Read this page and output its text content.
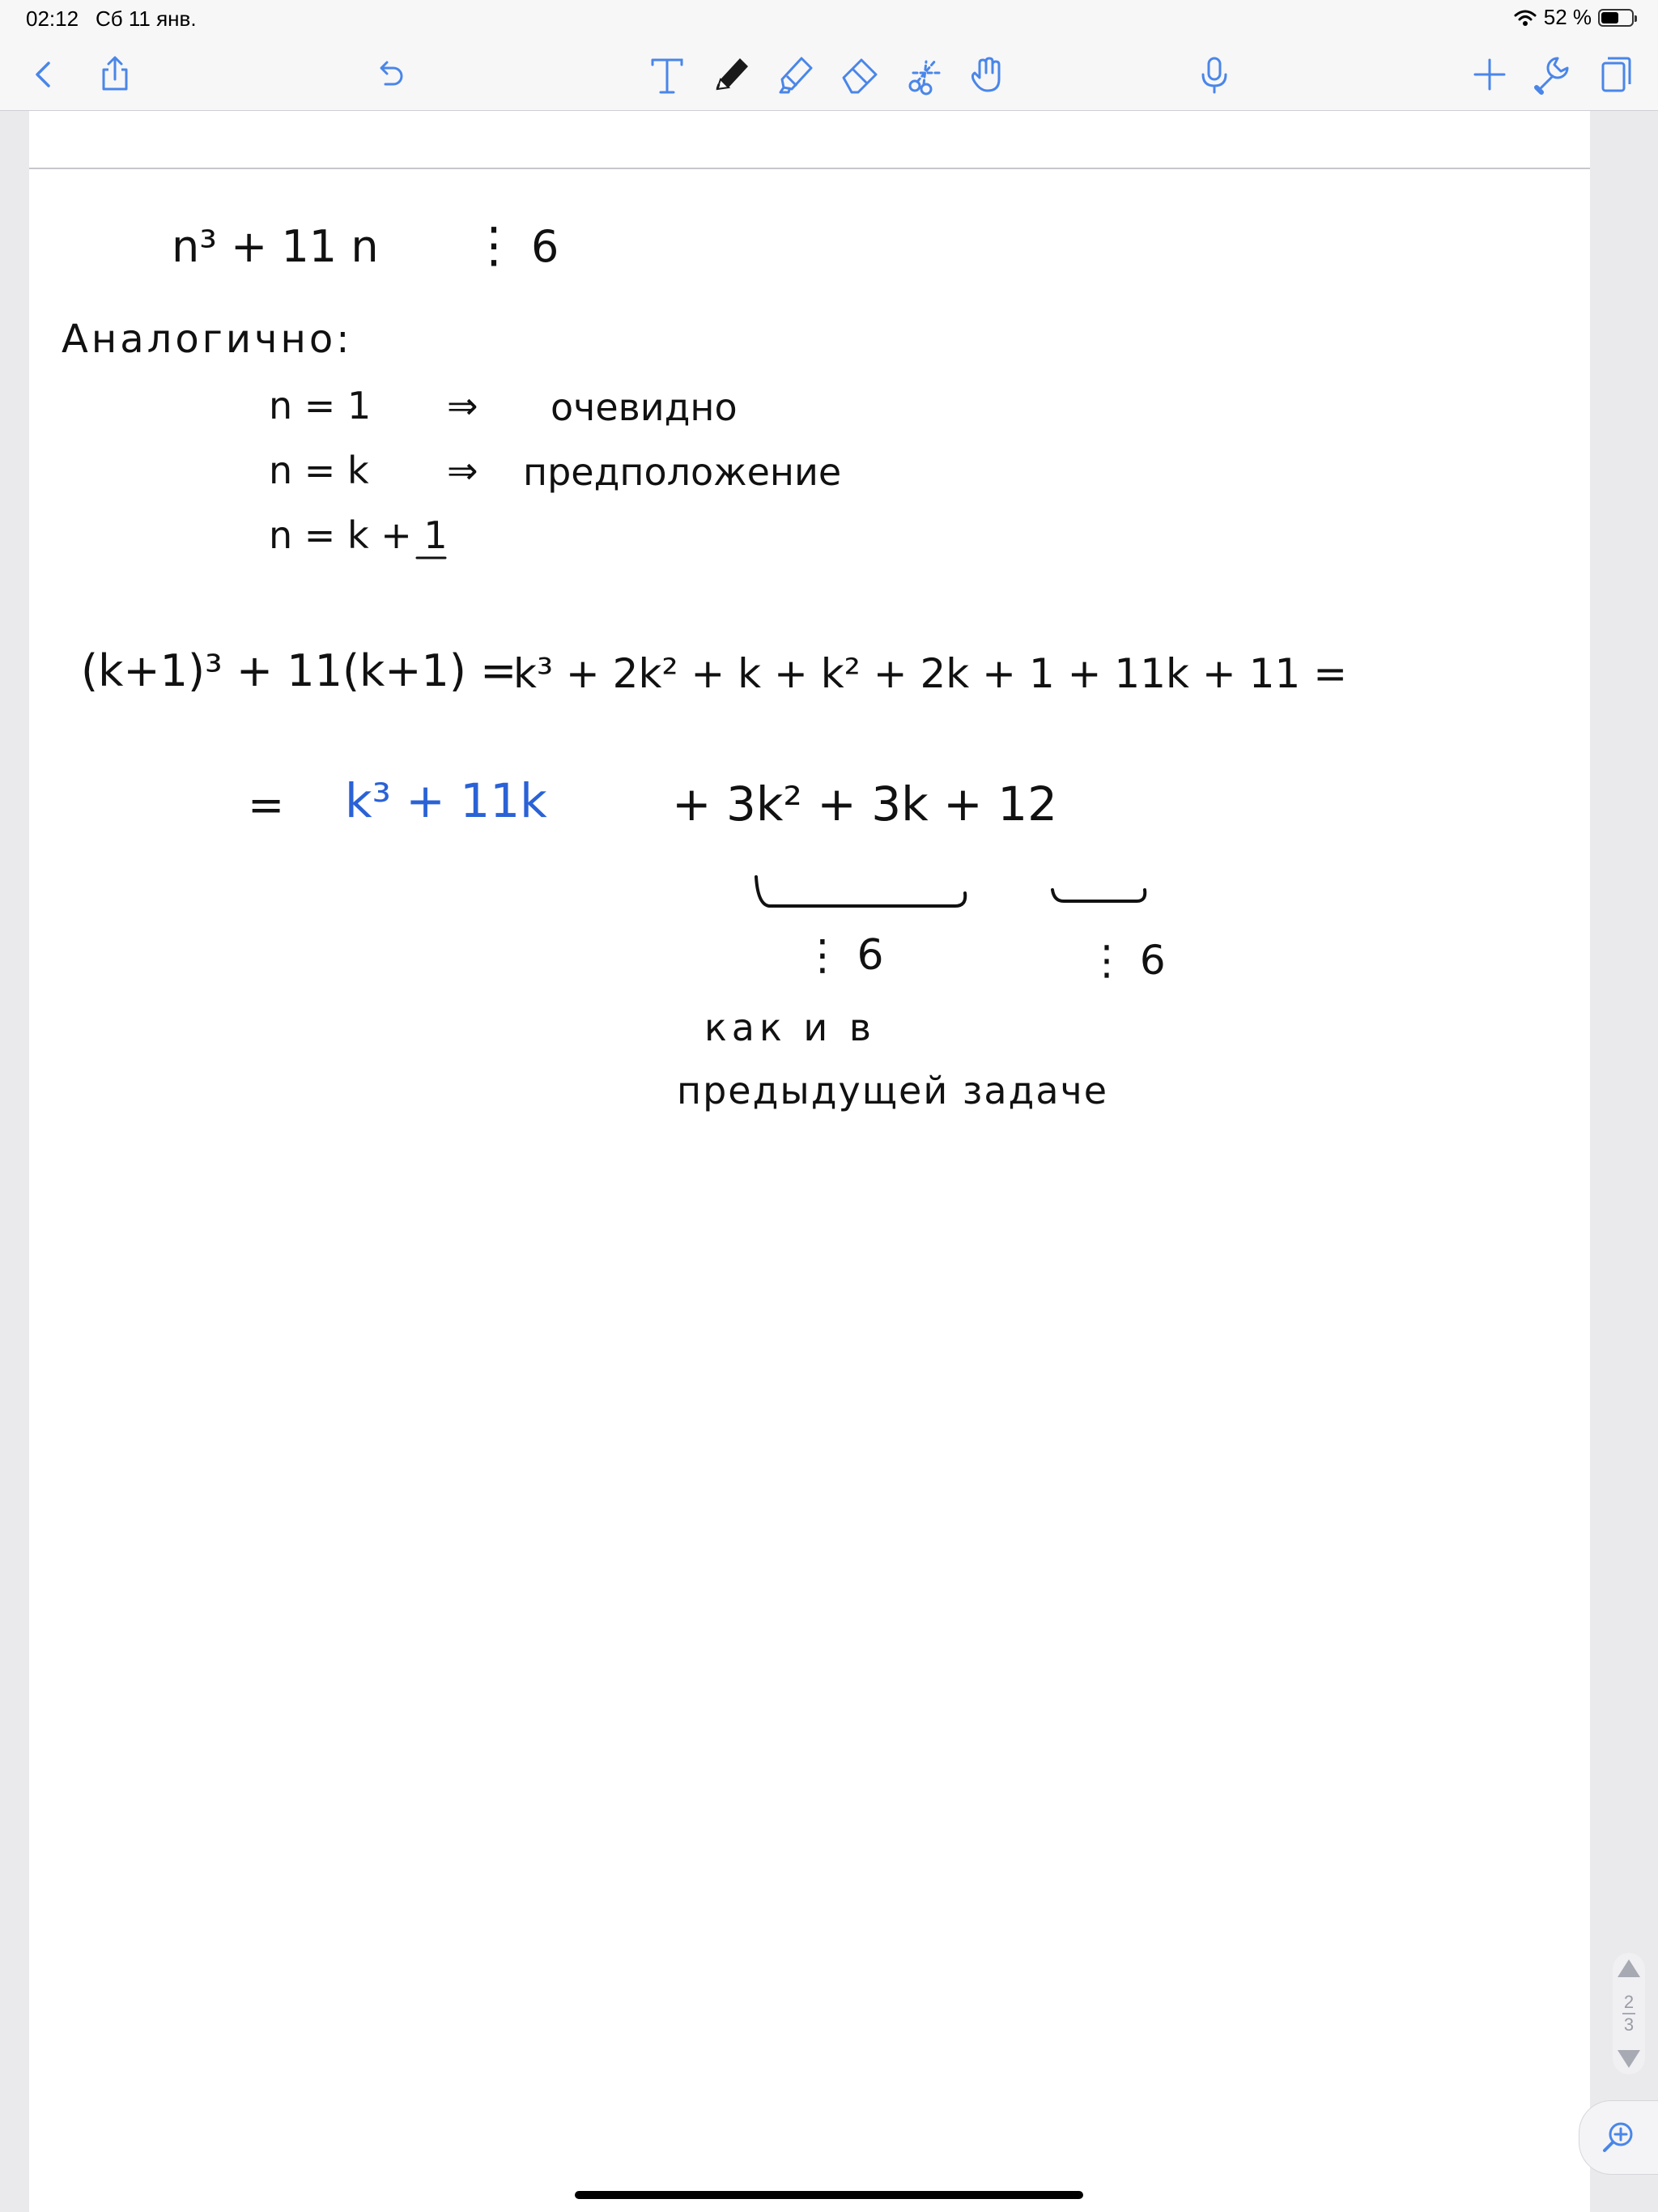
02:12 Сб 11 янв.	52 %
n³ + 11 n ⋮ 6
Аналогично:
n = 1 ⇒ очевидно
n = k ⇒ предположение
n = k + 1
(k+1)³ + 11(k+1) =
k³ + 2k² + k + k² + 2k + 1 + 11k + 11 =
= k³ + 11k	+ 3k² + 3k + 12
⋮ 6	⋮ 6
как и в
предыдущей задаче
2
3
